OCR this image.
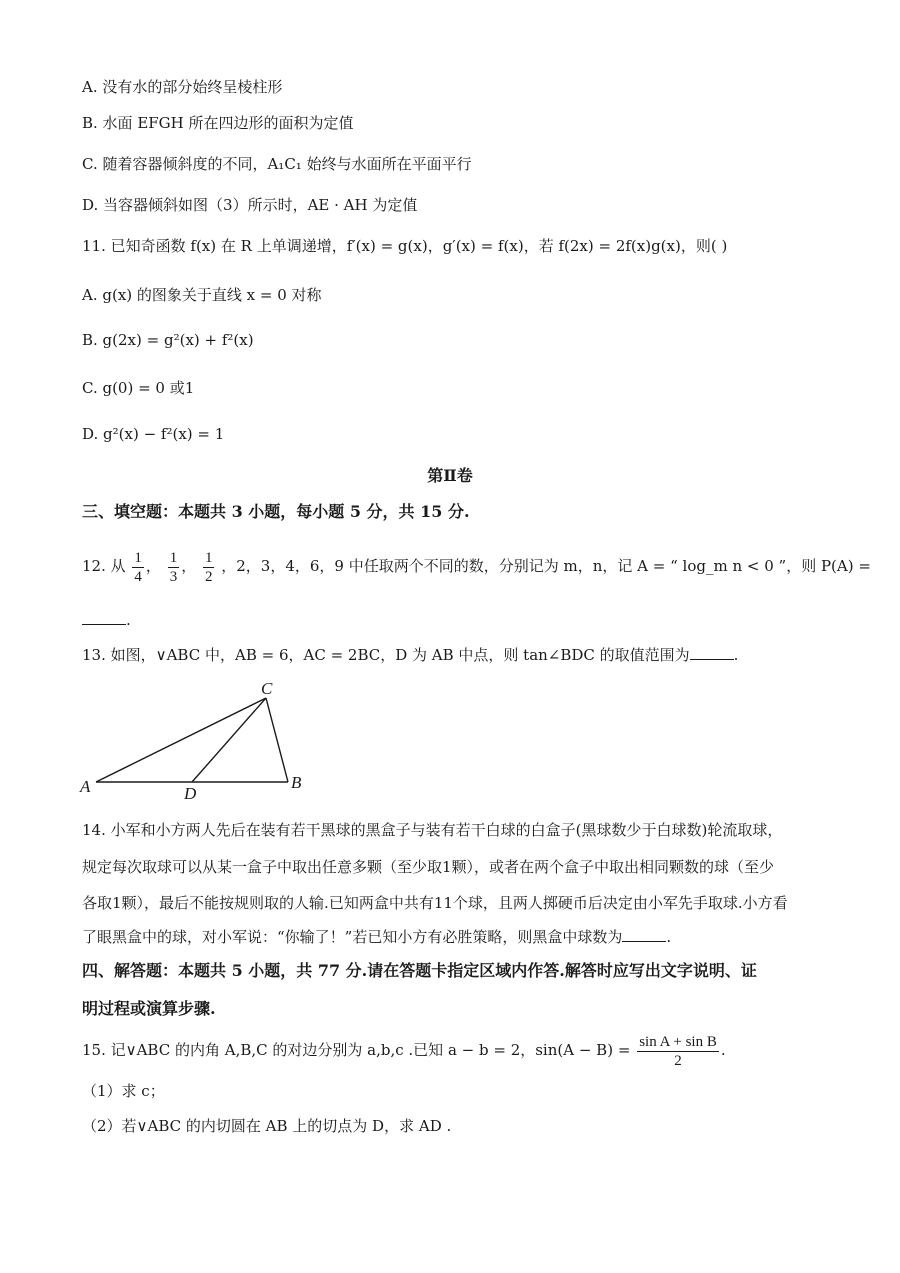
A. 没有水的部分始终呈棱柱形
B. 水面 EFGH 所在四边形的面积为定值
C. 随着容器倾斜度的不同，A₁C₁ 始终与水面所在平面平行
D. 当容器倾斜如图（3）所示时，AE · AH 为定值
11. 已知奇函数 f(x) 在 R 上单调递增，f′(x) = g(x)，g′(x) = f(x)，若 f(2x) = 2f(x)g(x)，则( )
A. g(x) 的图象关于直线 x = 0 对称
B. g(2x) = g²(x) + f²(x)
C. g(0) = 0 或1
D. g²(x) − f²(x) = 1
第Ⅱ卷
三、填空题：本题共 3 小题，每小题 5 分，共 15 分.
12. 从 $\frac{1}{4}$ ， $\frac{1}{3}$ ， $\frac{1}{2}$ ，2，3，4，6，9 中任取两个不同的数，分别记为 m，n，记 A = “ log_m n < 0 ”，则 P(A) =
.
13. 如图，∨ABC 中，AB = 6，AC = 2BC，D 为 AB 中点，则 tan∠BDC 的取值范围为	.
A	B
C
D
14. 小军和小方两人先后在装有若干黑球的黑盒子与装有若干白球的白盒子(黑球数少于白球数)轮流取球，
规定每次取球可以从某一盒子中取出任意多颗（至少取1颗），或者在两个盒子中取出相同颗数的球（至少
各取1颗），最后不能按规则取的人输.已知两盒中共有11个球，且两人掷硬币后决定由小军先手取球.小方看
了眼黑盒中的球，对小军说：“你输了！”若已知小方有必胜策略，则黑盒中球数为	.
四、解答题：本题共 5 小题，共 77 分.请在答题卡指定区域内作答.解答时应写出文字说明、证
明过程或演算步骤.
15. 记∨ABC 的内角 A,B,C 的对边分别为 a,b,c .已知 a − b = 2，$\sin(A - B) = \frac{\text{sin A + sin B}}{2}$ .
（1）求 c；
（2）若∨ABC 的内切圆在 AB 上的切点为 D，求 AD .
